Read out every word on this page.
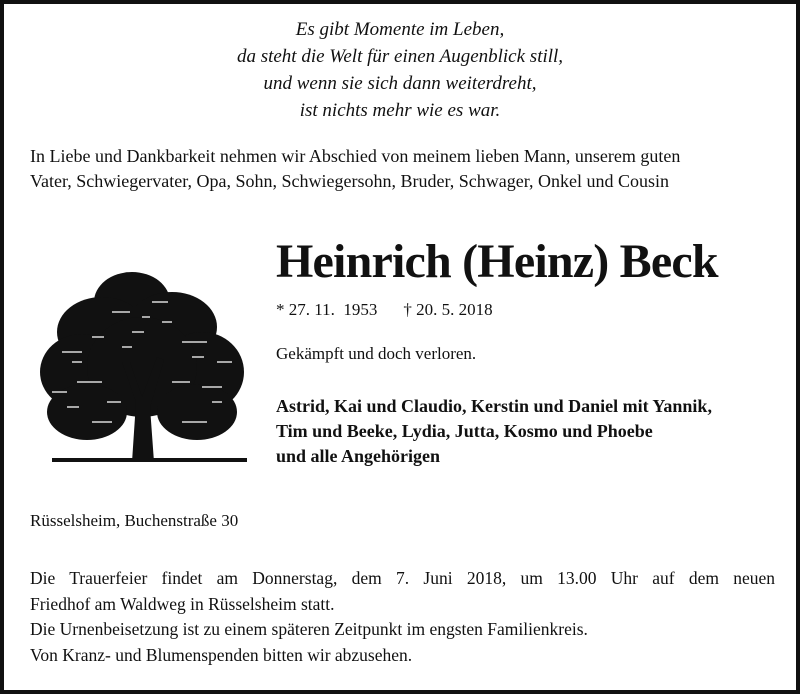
Es gibt Momente im Leben,
da steht die Welt für einen Augenblick still,
und wenn sie sich dann weiterdreht,
ist nichts mehr wie es war.
In Liebe und Dankbarkeit nehmen wir Abschied von meinem lieben Mann, unserem guten
Vater, Schwiegervater, Opa, Sohn, Schwiegersohn, Bruder, Schwager, Onkel und Cousin
Heinrich (Heinz) Beck
* 27. 11.  1953 † 20. 5. 2018
Gekämpft und doch verloren.
Astrid, Kai und Claudio, Kerstin und Daniel mit Yannik,
Tim und Beeke, Lydia, Jutta, Kosmo und Phoebe
und alle Angehörigen
Rüsselsheim, Buchenstraße 30
Die Trauerfeier findet am Donnerstag, dem 7. Juni 2018, um 13.00 Uhr auf dem neuen
Friedhof am Waldweg in Rüsselsheim statt.
Die Urnenbeisetzung ist zu einem späteren Zeitpunkt im engsten Familienkreis.
Von Kranz- und Blumenspenden bitten wir abzusehen.
